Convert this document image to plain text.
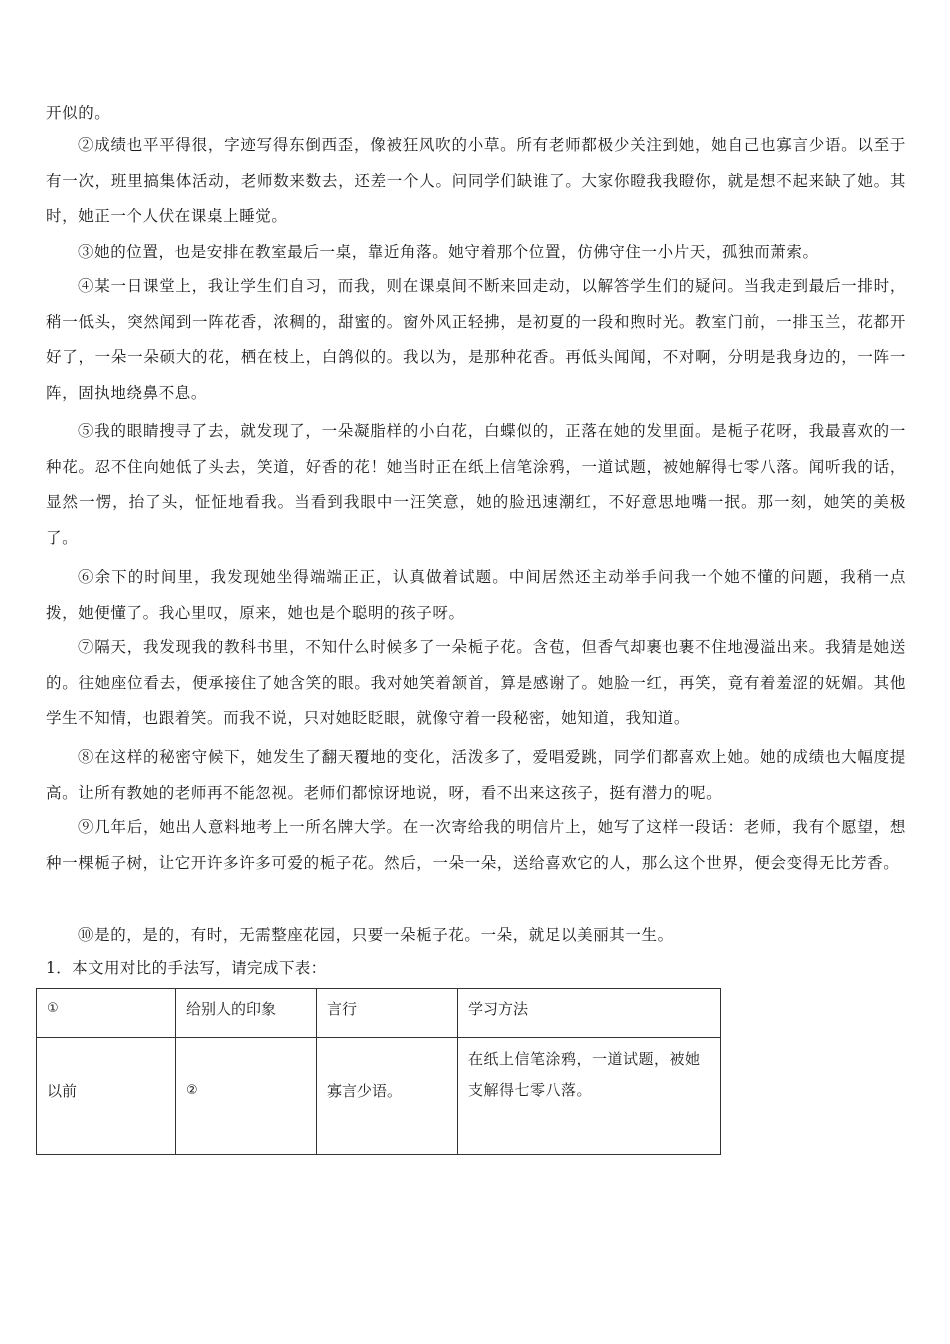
开似的。

②成绩也平平得很，字迹写得东倒西歪，像被狂风吹的小草。所有老师都极少关注到她，她自己也寡言少语。以至于有一次，班里搞集体活动，老师数来数去，还差一个人。问同学们缺谁了。大家你瞪我我瞪你，就是想不起来缺了她。其时，她正一个人伏在课桌上睡觉。

③她的位置，也是安排在教室最后一桌，靠近角落。她守着那个位置，仿佛守住一小片天，孤独而萧索。

④某一日课堂上，我让学生们自习，而我，则在课桌间不断来回走动，以解答学生们的疑问。当我走到最后一排时，稍一低头，突然闻到一阵花香，浓稠的，甜蜜的。窗外风正轻拂，是初夏的一段和煦时光。教室门前，一排玉兰，花都开好了，一朵一朵硕大的花，栖在枝上，白鸽似的。我以为，是那种花香。再低头闻闻，不对啊，分明是我身边的，一阵一阵，固执地绕鼻不息。

⑤我的眼睛搜寻了去，就发现了，一朵凝脂样的小白花，白蝶似的，正落在她的发里面。是栀子花呀，我最喜欢的一种花。忍不住向她低了头去，笑道，好香的花！她当时正在纸上信笔涂鸦，一道试题，被她解得七零八落。闻听我的话，显然一愣，抬了头，怔怔地看我。当看到我眼中一汪笑意，她的脸迅速潮红，不好意思地嘴一抿。那一刻，她笑的美极了。

⑥余下的时间里，我发现她坐得端端正正，认真做着试题。中间居然还主动举手问我一个她不懂的问题，我稍一点拨，她便懂了。我心里叹，原来，她也是个聪明的孩子呀。

⑦隔天，我发现我的教科书里，不知什么时候多了一朵栀子花。含苞，但香气却裹也裹不住地漫溢出来。我猜是她送的。往她座位看去，便承接住了她含笑的眼。我对她笑着颔首，算是感谢了。她脸一红，再笑，竟有着羞涩的妩媚。其他学生不知情，也跟着笑。而我不说，只对她眨眨眼，就像守着一段秘密，她知道，我知道。

⑧在这样的秘密守候下，她发生了翻天覆地的变化，活泼多了，爱唱爱跳，同学们都喜欢上她。她的成绩也大幅度提高。让所有教她的老师再不能忽视。老师们都惊讶地说，呀，看不出来这孩子，挺有潜力的呢。

⑨几年后，她出人意料地考上一所名牌大学。在一次寄给我的明信片上，她写了这样一段话：老师，我有个愿望，想种一棵栀子树，让它开许多许多可爱的栀子花。然后，一朵一朵，送给喜欢它的人，那么这个世界，便会变得无比芳香。

⑩是的，是的，有时，无需整座花园，只要一朵栀子花。一朵，就足以美丽其一生。

1．本文用对比的手法写，请完成下表：
①	给别人的印象	言行	学习方法

以前	②	寡言少语。	在纸上信笔涂鸦，一道试题，被她支解得七零八落。
